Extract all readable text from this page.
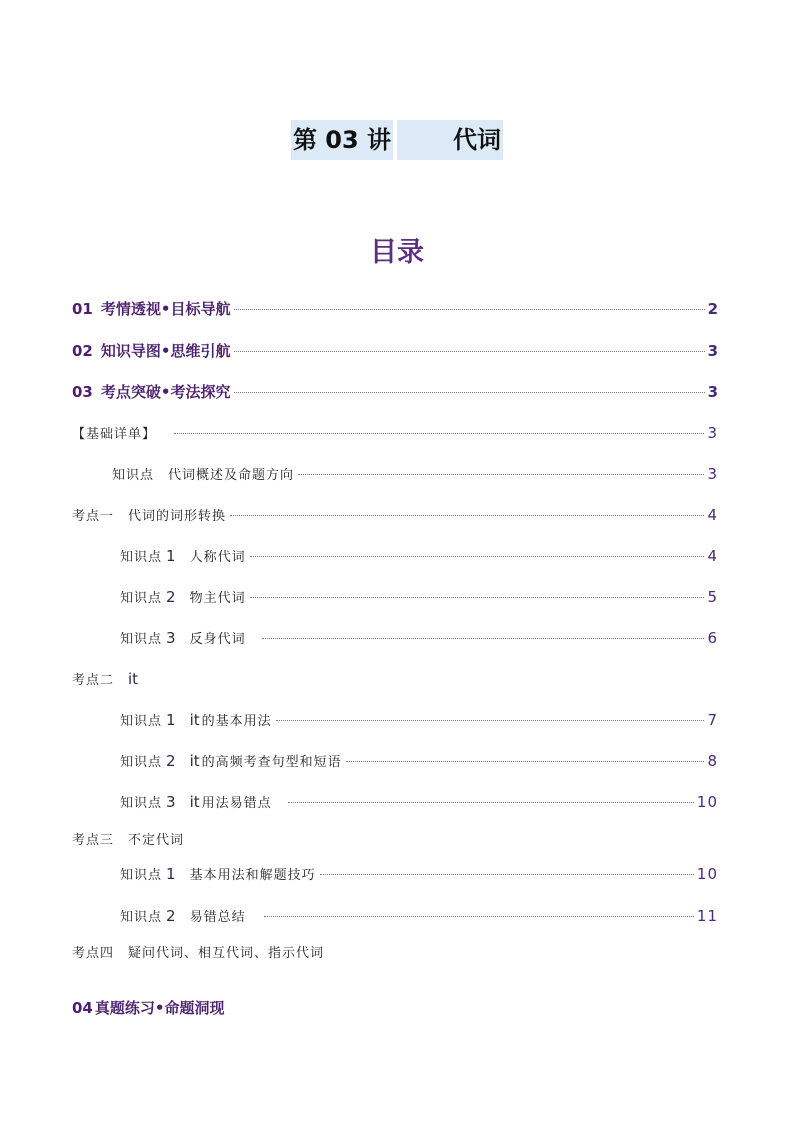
第 03 讲	代词
目录
01 考情透视•目标导航	2
02 知识导图•思维引航	3
03 考点突破•考法探究	3
【基础详单】	3
知识点 代词概述及命题方向	3
考点一 代词的词形转换	4
知识点 1 人称代词	4
知识点 2 物主代词	5
知识点 3 反身代词	6
考点二 it
知识点 1 it 的基本用法	7
知识点 2 it 的高频考查句型和短语	8
知识点 3 it 用法易错点	10
考点三 不定代词
知识点 1 基本用法和解题技巧	10
知识点 2 易错总结	11
考点四 疑问代词、相互代词、指示代词
04 真题练习•命题洞现
